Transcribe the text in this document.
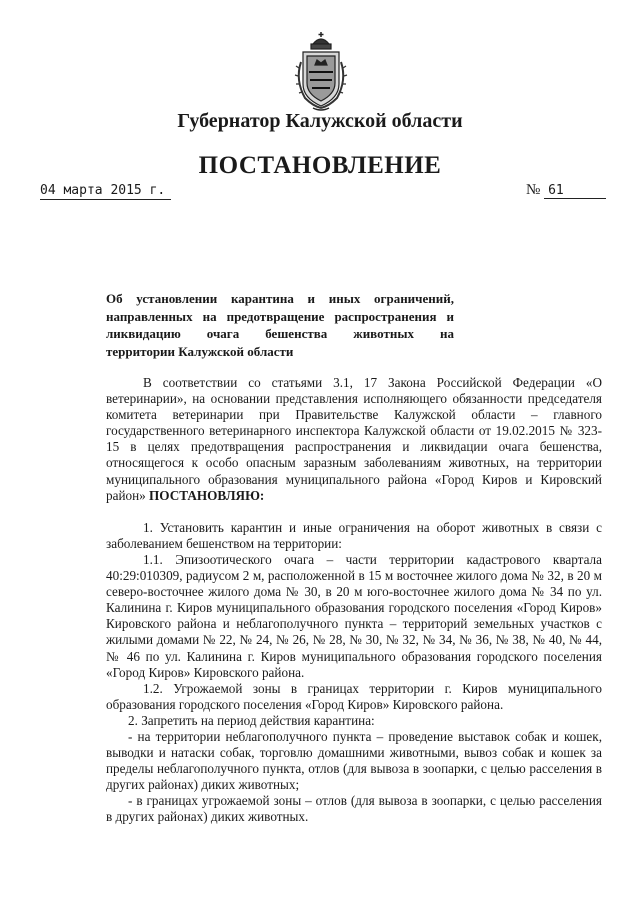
Губернатор Калужской области
ПОСТАНОВЛЕНИЕ
04 марта 2015 г.	№ 61
Об установлении карантина и иных ограничений,
направленных на предотвращение распространения и
ликвидацию очага бешенства животных на
территории Калужской области

В соответствии со статьями 3.1, 17 Закона Российской Федерации «О ветеринарии», на основании представления исполняющего обязанности председателя комитета ветеринарии при Правительстве Калужской области – главного государственного ветеринарного инспектора Калужской области от 19.02.2015 № 323-15 в целях предотвращения распространения и ликвидации очага бешенства, относящегося к особо опасным заразным заболеваниям животных, на территории муниципального образования муниципального района «Город Киров и Кировский район» ПОСТАНОВЛЯЮ:

1. Установить карантин и иные ограничения на оборот животных в связи с заболеванием бешенством на территории:

1.1. Эпизоотического очага – части территории кадастрового квартала 40:29:010309, радиусом 2 м, расположенной в 15 м восточнее жилого дома № 32, в 20 м северо-восточнее жилого дома № 30, в 20 м юго-восточнее жилого дома № 34 по ул. Калинина г. Киров муниципального образования городского поселения «Город Киров» Кировского района и неблагополучного пункта – территорий земельных участков с жилыми домами № 22, № 24, № 26, № 28, № 30, № 32, № 34, № 36, № 38, № 40, № 44, № 46 по ул. Калинина г. Киров муниципального образования городского поселения «Город Киров» Кировского района.

1.2. Угрожаемой зоны в границах территории г. Киров муниципального образования городского поселения «Город Киров» Кировского района.

2. Запретить на период действия карантина:

- на территории неблагополучного пункта – проведение выставок собак и кошек, выводки и натаски собак, торговлю домашними животными, вывоз собак и кошек за пределы неблагополучного пункта, отлов (для вывоза в зоопарки, с целью расселения в других районах) диких животных;

- в границах угрожаемой зоны – отлов (для вывоза в зоопарки, с целью расселения в других районах) диких животных.
